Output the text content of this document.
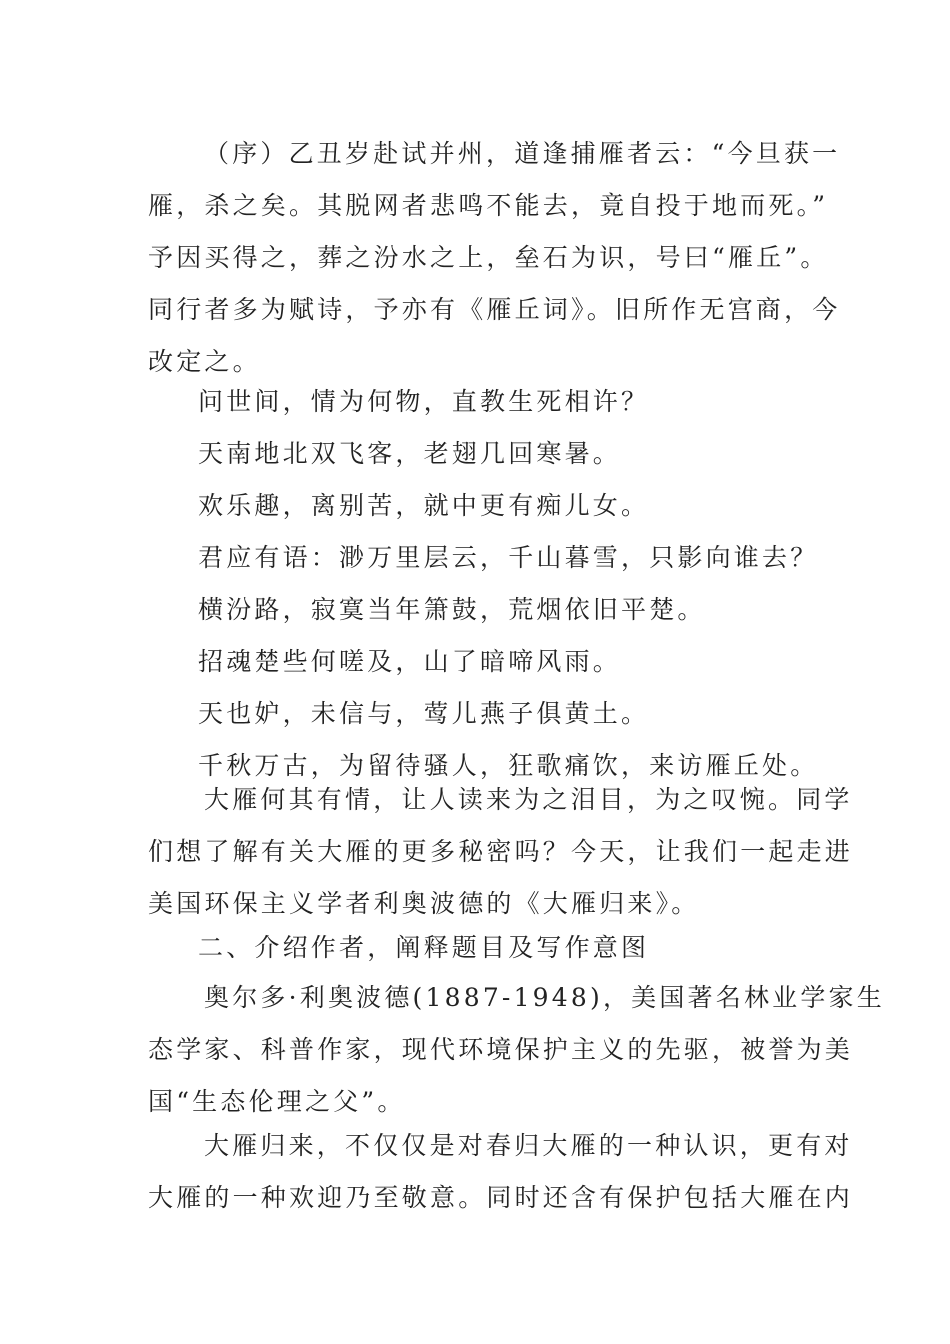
（序）乙丑岁赴试并州，道逢捕雁者云：“今旦获一
雁，杀之矣。其脱网者悲鸣不能去，竟自投于地而死。”
予因买得之，葬之汾水之上，垒石为识，号曰“雁丘”。
同行者多为赋诗，予亦有《雁丘词》。旧所作无宫商，今
改定之。
问世间，情为何物，直教生死相许？
天南地北双飞客，老翅几回寒暑。
欢乐趣，离别苦，就中更有痴儿女。
君应有语：渺万里层云，千山暮雪，只影向谁去？
横汾路，寂寞当年箫鼓，荒烟依旧平楚。
招魂楚些何嗟及，山了暗啼风雨。
天也妒，未信与，莺儿燕子俱黄土。
千秋万古，为留待骚人，狂歌痛饮，来访雁丘处。
大雁何其有情，让人读来为之泪目，为之叹惋。同学
们想了解有关大雁的更多秘密吗？今天，让我们一起走进
美国环保主义学者利奥波德的《大雁归来》。
二、介绍作者，阐释题目及写作意图
奥尔多·利奥波德(1887-1948)，美国著名林业学家生
态学家、科普作家，现代环境保护主义的先驱，被誉为美
国“生态伦理之父”。
大雁归来，不仅仅是对春归大雁的一种认识，更有对
大雁的一种欢迎乃至敬意。同时还含有保护包括大雁在内
